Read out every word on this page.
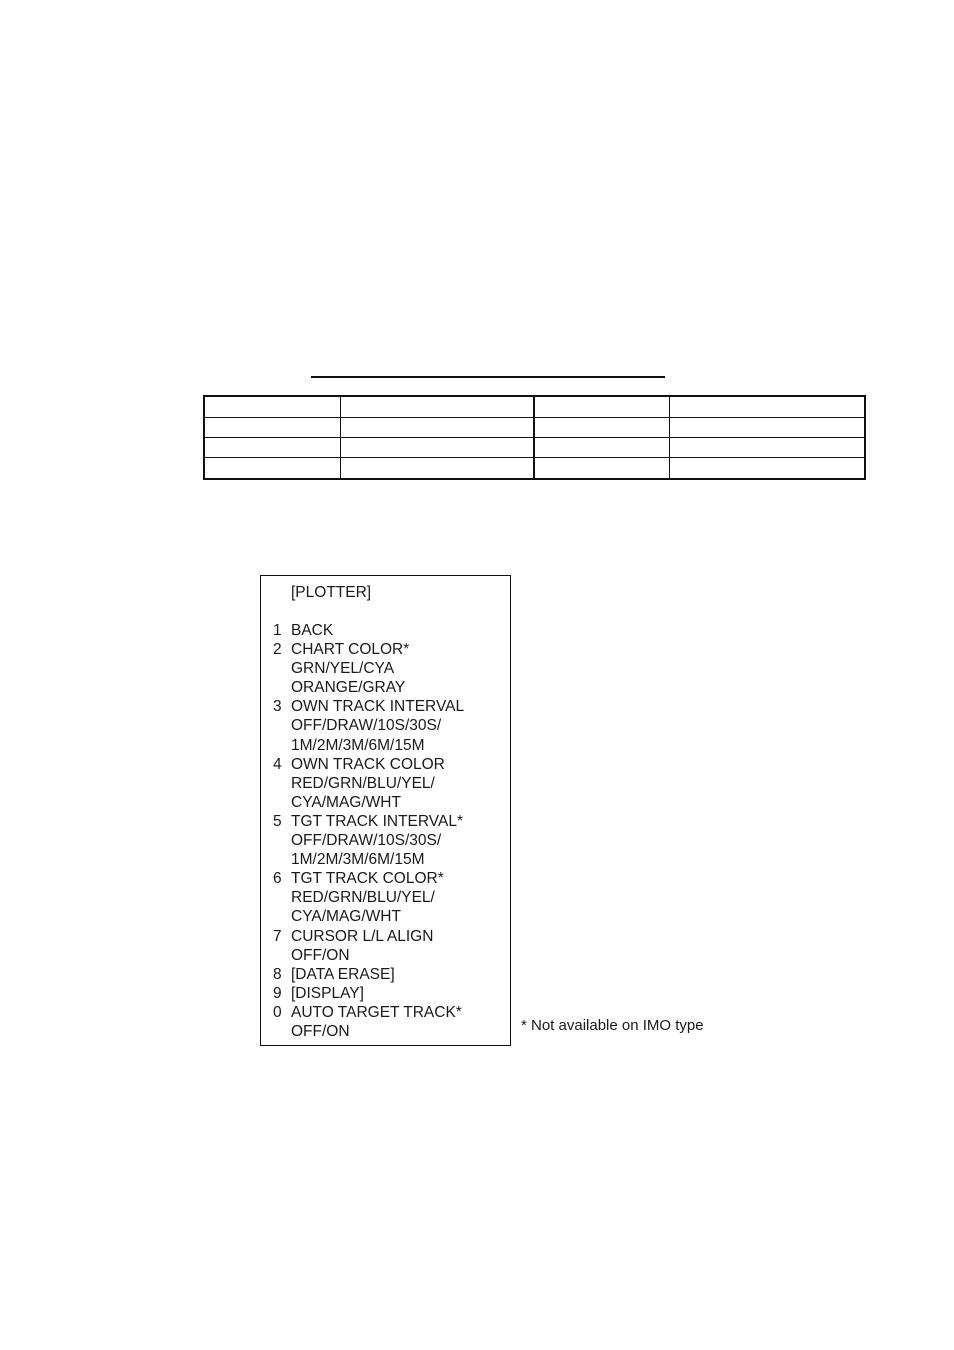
[PLOTTER]
1 BACK
2 CHART COLOR*
GRN/YEL/CYA
ORANGE/GRAY
3 OWN TRACK INTERVAL
OFF/DRAW/10S/30S/
1M/2M/3M/6M/15M
4 OWN TRACK COLOR
RED/GRN/BLU/YEL/
CYA/MAG/WHT
5 TGT TRACK INTERVAL*
OFF/DRAW/10S/30S/
1M/2M/3M/6M/15M
6 TGT TRACK COLOR*
RED/GRN/BLU/YEL/
CYA/MAG/WHT
7 CURSOR L/L ALIGN
OFF/ON
8 [DATA ERASE]
9 [DISPLAY]
0 AUTO TARGET TRACK*
OFF/ON	* Not available on IMO type
